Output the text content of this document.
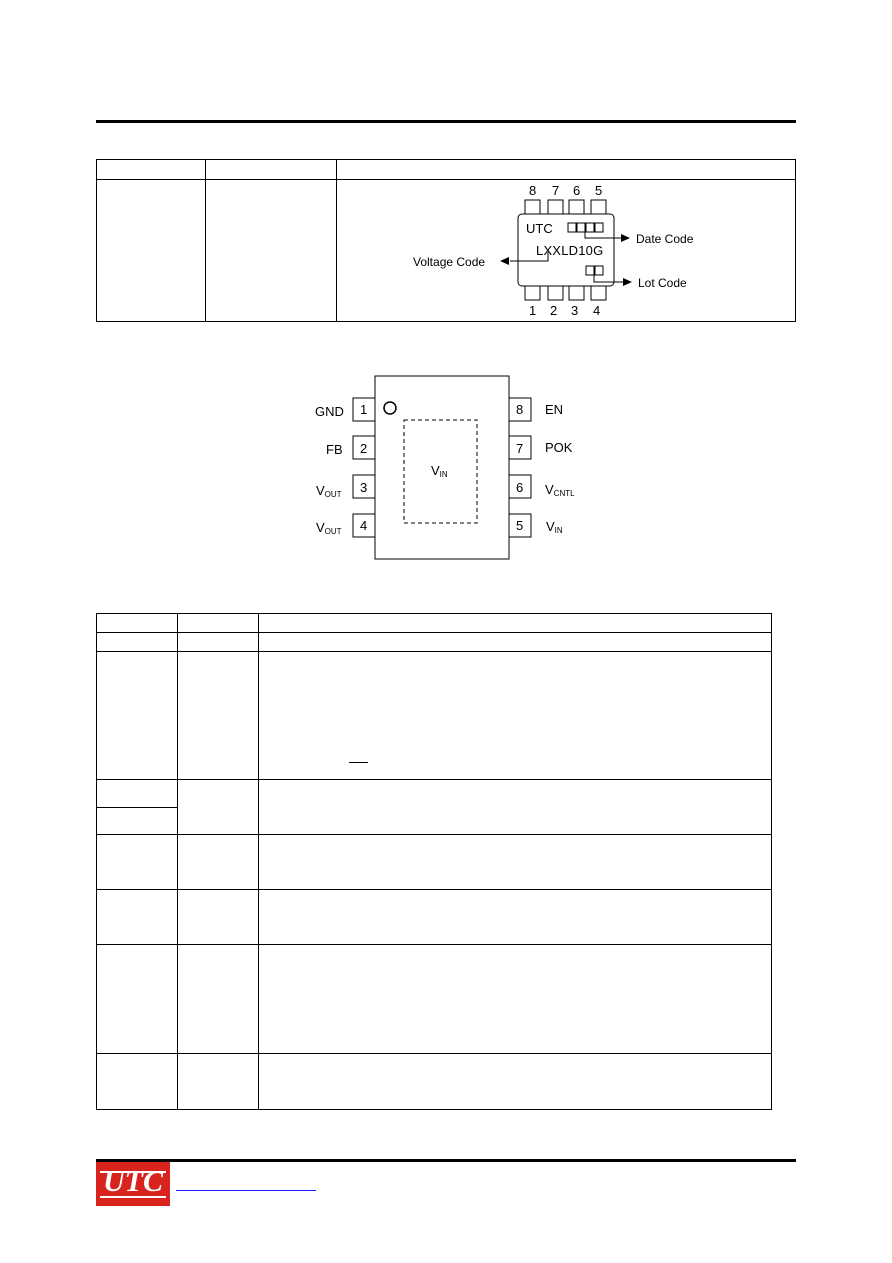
8 7 6 5
UTC
LXXLD10G
Date Code
Voltage Code
Lot Code
1 2 3 4
$V_{IN}$
1
2
3
4
GND
FB
$V_{OUT}$
$V_{OUT}$
8
7
6
5
EN
POK
$V_{CNTL}$
$V_{IN}$
UTC
